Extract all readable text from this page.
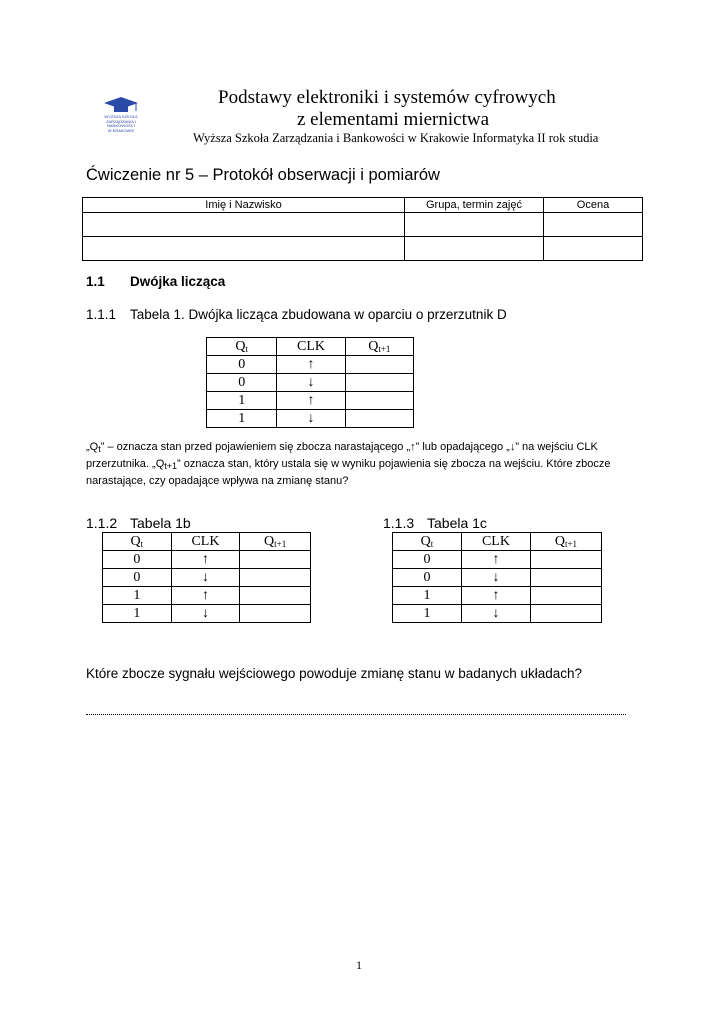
WYŻSZA SZKOŁA
ZARZĄDZANIA I BANKOWOŚCI
W KRAKOWIE
Podstawy elektroniki i systemów cyfrowych
z elementami miernictwa
Wyższa Szkoła Zarządzania i Bankowości w Krakowie Informatyka II rok studia
Ćwiczenie nr 5 – Protokół obserwacji i pomiarów
Imię i Nazwisko	Grupa, termin zajęć	Ocena

1.1 Dwójka licząca
1.1.1 Tabela 1. Dwójka licząca zbudowana w oparciu o przerzutnik D
$Q_t$	CLK	$Q_{t+1}$
0	↑	
0	↓	
1	↑	
1	↓	
$„Q_t$” – oznacza stan przed pojawieniem się zbocza narastającego „↑” lub opadającego „↓” na wejściu CLK przerzutnika. $„Q_{t+1}$” oznacza stan, który ustala się w wyniku pojawienia się zbocza na wejściu. Które zbocze narastające, czy opadające wpływa na zmianę stanu?
1.1.2 Tabela 1b	1.1.3 Tabela 1c
$Q_t$	CLK	$Q_{t+1}$
0	↑	
0	↓	
1	↑	
1	↓	
$Q_t$	CLK	$Q_{t+1}$
0	↑	
0	↓	
1	↑	
1	↓	
Które zbocze sygnału wejściowego powoduje zmianę stanu w badanych układach?
1
